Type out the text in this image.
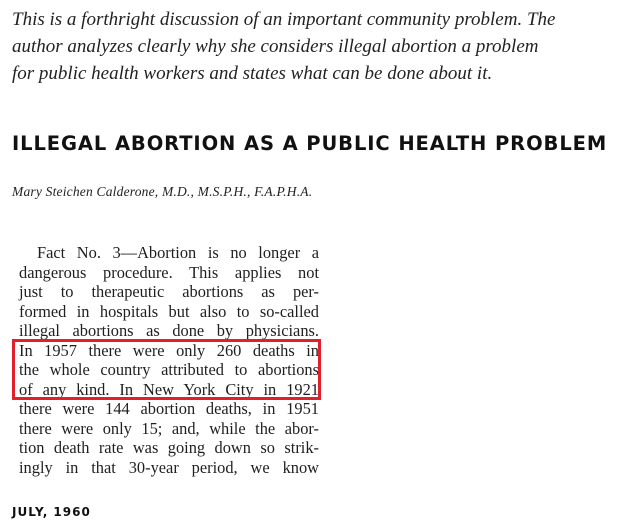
This is a forthright discussion of an important community problem. The
author analyzes clearly why she considers illegal abortion a problem
for public health workers and states what can be done about it.
ILLEGAL ABORTION AS A PUBLIC HEALTH PROBLEM

Mary Steichen Calderone, M.D., M.S.P.H., F.A.P.H.A.

Fact No. 3—Abortion is no longer a
dangerous procedure. This applies not
just to therapeutic abortions as per-
formed in hospitals but also to so-called
illegal abortions as done by physicians.
In 1957 there were only 260 deaths in
the whole country attributed to abortions
of any kind. In New York City in 1921
there were 144 abortion deaths, in 1951
there were only 15; and, while the abor-
tion death rate was going down so strik-
ingly in that 30-year period, we know

JULY, 1960
